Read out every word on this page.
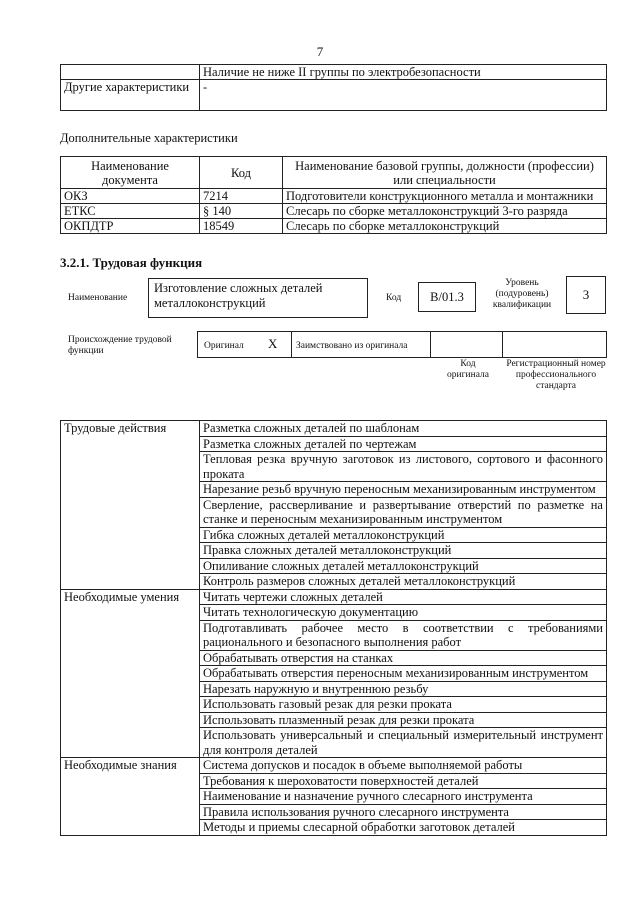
7
	Наличие не ниже II группы по электробезопасности
Другие характеристики	-
Дополнительные характеристики
Наименование документа	Код	Наименование базовой группы, должности (профессии) или специальности
ОКЗ	7214	Подготовители конструкционного металла и монтажники
ЕТКС	§ 140	Слесарь по сборке металлоконструкций 3-го разряда
ОКПДТР	18549	Слесарь по сборке металлоконструкций
3.2.1. Трудовая функция
Наименование
Изготовление сложных деталей металлоконструкций	Код	В/01.3
Уровень (подуровень) квалификации
3
Происхождение трудовой функции	Оригинал X Заимствовано из оригинала
Код оригинала
Регистрационный номер профессионального стандарта
Трудовые действия	Разметка сложных деталей по шаблонам
	Разметка сложных деталей по чертежам
	Тепловая резка вручную заготовок из листового, сортового и фасонного проката
	Нарезание резьб вручную переносным механизированным инструментом
	Сверление, рассверливание и развертывание отверстий по разметке на станке и переносным механизированным инструментом
	Гибка сложных деталей металлоконструкций
	Правка сложных деталей металлоконструкций
	Опиливание сложных деталей металлоконструкций
	Контроль размеров сложных деталей металлоконструкций
Необходимые умения	Читать чертежи сложных деталей
	Читать технологическую документацию
	Подготавливать рабочее место в соответствии с требованиями рационального и безопасного выполнения работ
	Обрабатывать отверстия на станках
	Обрабатывать отверстия переносным механизированным инструментом
	Нарезать наружную и внутреннюю резьбу
	Использовать газовый резак для резки проката
	Использовать плазменный резак для резки проката
	Использовать универсальный и специальный измерительный инструмент для контроля деталей
Необходимые знания	Система допусков и посадок в объеме выполняемой работы
	Требования к шероховатости поверхностей деталей
	Наименование и назначение ручного слесарного инструмента
	Правила использования ручного слесарного инструмента
	Методы и приемы слесарной обработки заготовок деталей
